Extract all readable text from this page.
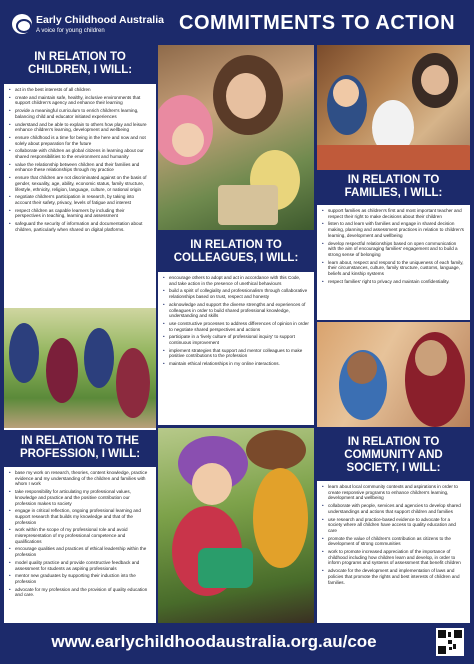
Early Childhood Australia
A voice for young children	COMMITMENTS TO ACTION
IN RELATION TO CHILDREN, I WILL:
• act in the best interests of all children
• create and maintain safe, healthy, inclusive environments that support children's agency and enhance their learning
• provide a meaningful curriculum to enrich children's learning, balancing child and educator initiated experiences
• understand and be able to explain to others how play and leisure enhance children's learning, development and wellbeing
• ensure childhood is a time for being in the here and now and not solely about preparation for the future
• collaborate with children as global citizens in learning about our shared responsibilities to the environment and humanity
• value the relationship between children and their families and enhance these relationships through my practice
• ensure that children are not discriminated against on the basis of gender, sexuality, age, ability, economic status, family structure, lifestyle, ethnicity, religion, language, culture, or national origin
• negotiate children's participation in research, by taking into account their safety, privacy, levels of fatigue and interest
• respect children as capable learners by including their perspectives in teaching, learning and assessment
• safeguard the security of information and documentation about children, particularly when shared on digital platforms.
IN RELATION TO COLLEAGUES, I WILL:
• encourage others to adopt and act in accordance with this Code, and take action in the presence of unethical behaviours
• build a spirit of collegiality and professionalism through collaborative relationships based on trust, respect and honesty
• acknowledge and support the diverse strengths and experiences of colleagues in order to build shared professional knowledge, understanding and skills
• use constructive processes to address differences of opinion in order to negotiate shared perspectives and actions
• participate in a 'lively culture of professional inquiry' to support continuous improvement
• implement strategies that support and mentor colleagues to make positive contributions to the profession
• maintain ethical relationships in my online interactions.
IN RELATION TO FAMILIES, I WILL:
• support families as children's first and most important teacher and respect their right to make decisions about their children
• listen to and learn with families and engage in shared decision making, planning and assessment practices in relation to children's learning, development and wellbeing
• develop respectful relationships based on open communication with the aim of encouraging families' engagement and to build a strong sense of belonging
• learn about, respect and respond to the uniqueness of each family, their circumstances, culture, family structure, customs, language, beliefs and kinship systems
• respect families' right to privacy and maintain confidentiality.
IN RELATION TO THE PROFESSION, I WILL:
• base my work on research, theories, content knowledge, practice evidence and my understanding of the children and families with whom I work
• take responsibility for articulating my professional values, knowledge and practice and the positive contribution our profession makes to society
• engage in critical reflection, ongoing professional learning and support research that builds my knowledge and that of the profession
• work within the scope of my professional role and avoid misrepresentation of my professional competence and qualifications
• encourage qualities and practices of ethical leadership within the profession
• model quality practice and provide constructive feedback and assessment for students as aspiring professionals
• mentor new graduates by supporting their induction into the profession
• advocate for my profession and the provision of quality education and care.
IN RELATION TO COMMUNITY AND SOCIETY, I WILL:
• learn about local community contexts and aspirations in order to create responsive programs to enhance children's learning, development and wellbeing
• collaborate with people, services and agencies to develop shared understandings and actions that support children and families
• use research and practice-based evidence to advocate for a society where all children have access to quality education and care
• promote the value of children's contribution as citizens to the development of strong communities
• work to promote increased appreciation of the importance of childhood including how children learn and develop, in order to inform programs and systems of assessment that benefit children
• advocate for the development and implementation of laws and policies that promote the rights and best interests of children and families.
www.earlychildhoodaustralia.org.au/coe
